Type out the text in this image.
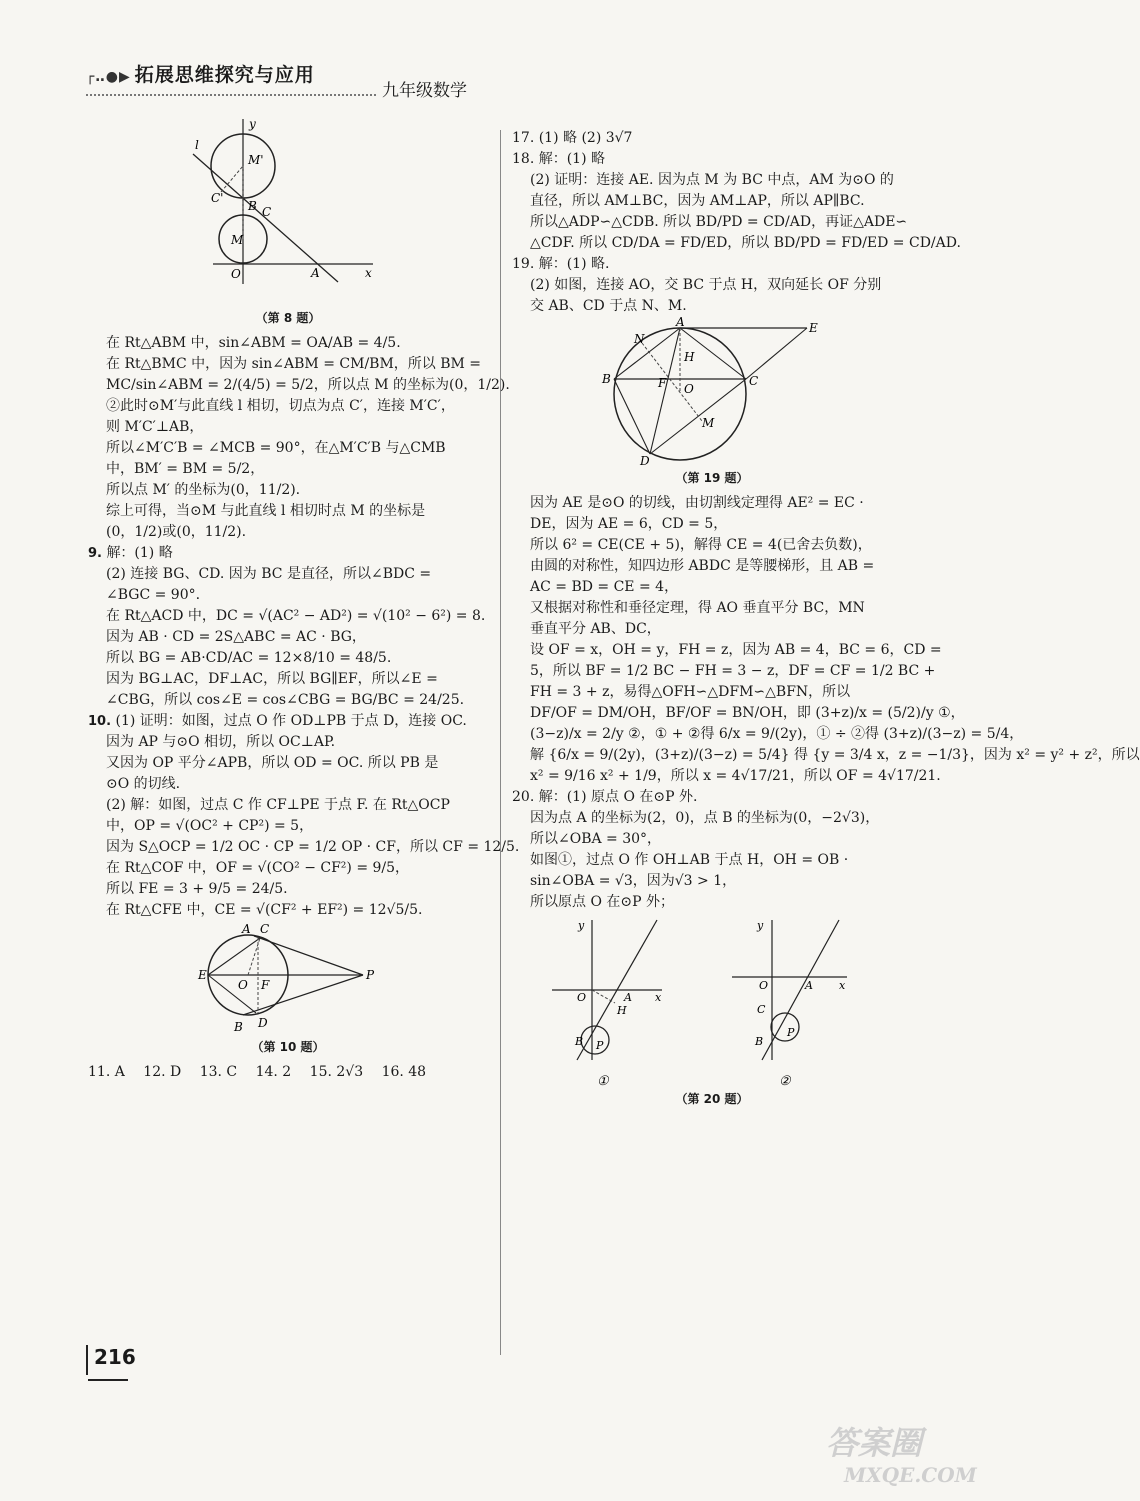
┌‥●▶ 拓展思维探究与应用
九年级数学
y
l
M'
C'
B C
M
O	A	x
（第 8 题）
在 Rt△ABM 中，sin∠ABM = OA/AB = 4/5.
在 Rt△BMC 中，因为 sin∠ABM = CM/BM，所以 BM =
MC/sin∠ABM = 2/(4/5) = 5/2，所以点 M 的坐标为(0，1/2).
②此时⊙M′与此直线 l 相切，切点为点 C′，连接 M′C′，
则 M′C′⊥AB，
所以∠M′C′B = ∠MCB = 90°，在△M′C′B 与△CMB
中，BM′ = BM = 5/2，
所以点 M′ 的坐标为(0，11/2).
综上可得，当⊙M 与此直线 l 相切时点 M 的坐标是
(0，1/2)或(0，11/2).
9. 解：(1) 略
(2) 连接 BG、CD. 因为 BC 是直径，所以∠BDC =
∠BGC = 90°.
在 Rt△ACD 中，DC = √(AC² − AD²) = √(10² − 6²) = 8.
因为 AB · CD = 2S△ABC = AC · BG，
所以 BG = AB·CD/AC = 12×8/10 = 48/5.
因为 BG⊥AC，DF⊥AC，所以 BG∥EF，所以∠E =
∠CBG，所以 cos∠E = cos∠CBG = BG/BC = 24/25.
10. (1) 证明：如图，过点 O 作 OD⊥PB 于点 D，连接 OC.
因为 AP 与⊙O 相切，所以 OC⊥AP.
又因为 OP 平分∠APB，所以 OD = OC. 所以 PB 是
⊙O 的切线.
(2) 解：如图，过点 C 作 CF⊥PE 于点 F. 在 Rt△OCP
中，OP = √(OC² + CP²) = 5，
因为 S△OCP = 1/2 OC · CP = 1/2 OP · CF，所以 CF = 12/5.
在 Rt△COF 中，OF = √(CO² − CF²) = 9/5，
所以 FE = 3 + 9/5 = 24/5.
在 Rt△CFE 中，CE = √(CF² + EF²) = 12√5/5.
A C
E
O F
P
B D
（第 10 题）
11. A 12. D 13. C 14. 2 15. 2√3 16. 48
17. (1) 略 (2) 3√7
18. 解：(1) 略
(2) 证明：连接 AE. 因为点 M 为 BC 中点，AM 为⊙O 的
直径，所以 AM⊥BC，因为 AM⊥AP，所以 AP∥BC.
所以△ADP∽△CDB. 所以 BD/PD = CD/AD，再证△ADE∽
△CDF. 所以 CD/DA = FD/ED，所以 BD/PD = FD/ED = CD/AD.
19. 解：(1) 略.
(2) 如图，连接 AO，交 BC 于点 H，双向延长 OF 分别
交 AB、CD 于点 N、M.
A	E
N
H
B	F O
C
M
D
（第 19 题）
因为 AE 是⊙O 的切线，由切割线定理得 AE² = EC ·
DE，因为 AE = 6，CD = 5，
所以 6² = CE(CE + 5)，解得 CE = 4(已舍去负数)，
由圆的对称性，知四边形 ABDC 是等腰梯形，且 AB =
AC = BD = CE = 4，
又根据对称性和垂径定理，得 AO 垂直平分 BC，MN
垂直平分 AB、DC，
设 OF = x，OH = y，FH = z，因为 AB = 4，BC = 6，CD =
5，所以 BF = 1/2 BC − FH = 3 − z，DF = CF = 1/2 BC +
FH = 3 + z，易得△OFH∽△DFM∽△BFN，所以
DF/OF = DM/OH，BF/OF = BN/OH，即 (3+z)/x = (5/2)/y ①，
(3−z)/x = 2/y ②，① + ②得 6/x = 9/(2y)，① ÷ ②得 (3+z)/(3−z) = 5/4，
解 {6/x = 9/(2y)，(3+z)/(3−z) = 5/4} 得 {y = 3/4 x，z = −1/3}，因为 x² = y² + z²，所以
x² = 9/16 x² + 1/9，所以 x = 4√17/21，所以 OF = 4√17/21.
20. 解：(1) 原点 O 在⊙P 外.
因为点 A 的坐标为(2，0)，点 B 的坐标为(0，−2√3)，
所以∠OBA = 30°，
如图①，过点 O 作 OH⊥AB 于点 H，OH = OB ·
sin∠OBA = √3，因为√3 > 1，
所以原点 O 在⊙P 外；
y
O	A x
H
B P
①
y
O	A x
C
B
P
②
（第 20 题）
216
答案圈
MXQE.COM
